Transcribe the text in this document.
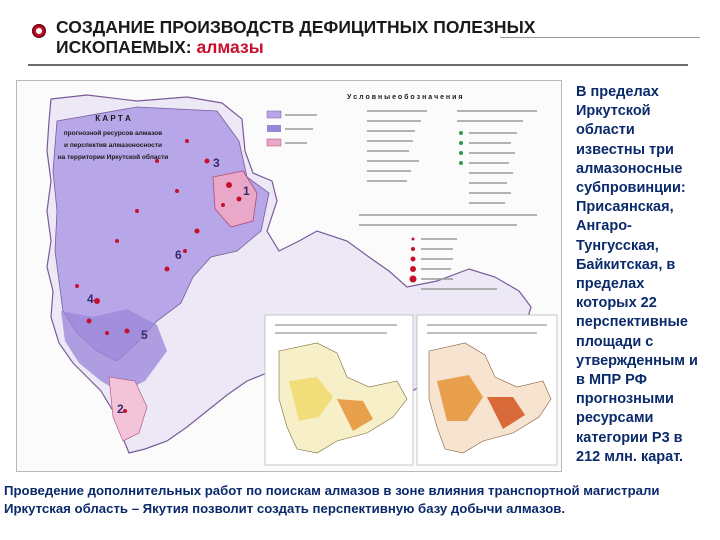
СОЗДАНИЕ ПРОИЗВОДСТВ ДЕФИЦИТНЫХ ПОЛЕЗНЫХ ИСКОПАЕМЫХ: алмазы
1
2
3
4
5
6
К А Р Т А
прогнозной ресурсов алмазов
и перспектив алмазоносности
на территории Иркутской области
У с л о в н ы е о б о з н а ч е н и я	В пределах Иркутской области известны три алмазоносные субпровинции: Присаянская, Ангаро-Тунгусская, Байкитская, в пределах которых 22 перспективные площади с утвержденным и в МПР РФ прогнозными ресурсами категории Р3 в 212 млн. карат.
Проведение дополнительных работ по поискам алмазов в зоне влияния транспортной магистрали Иркутская область – Якутия позволит создать перспективную базу добычи алмазов.
